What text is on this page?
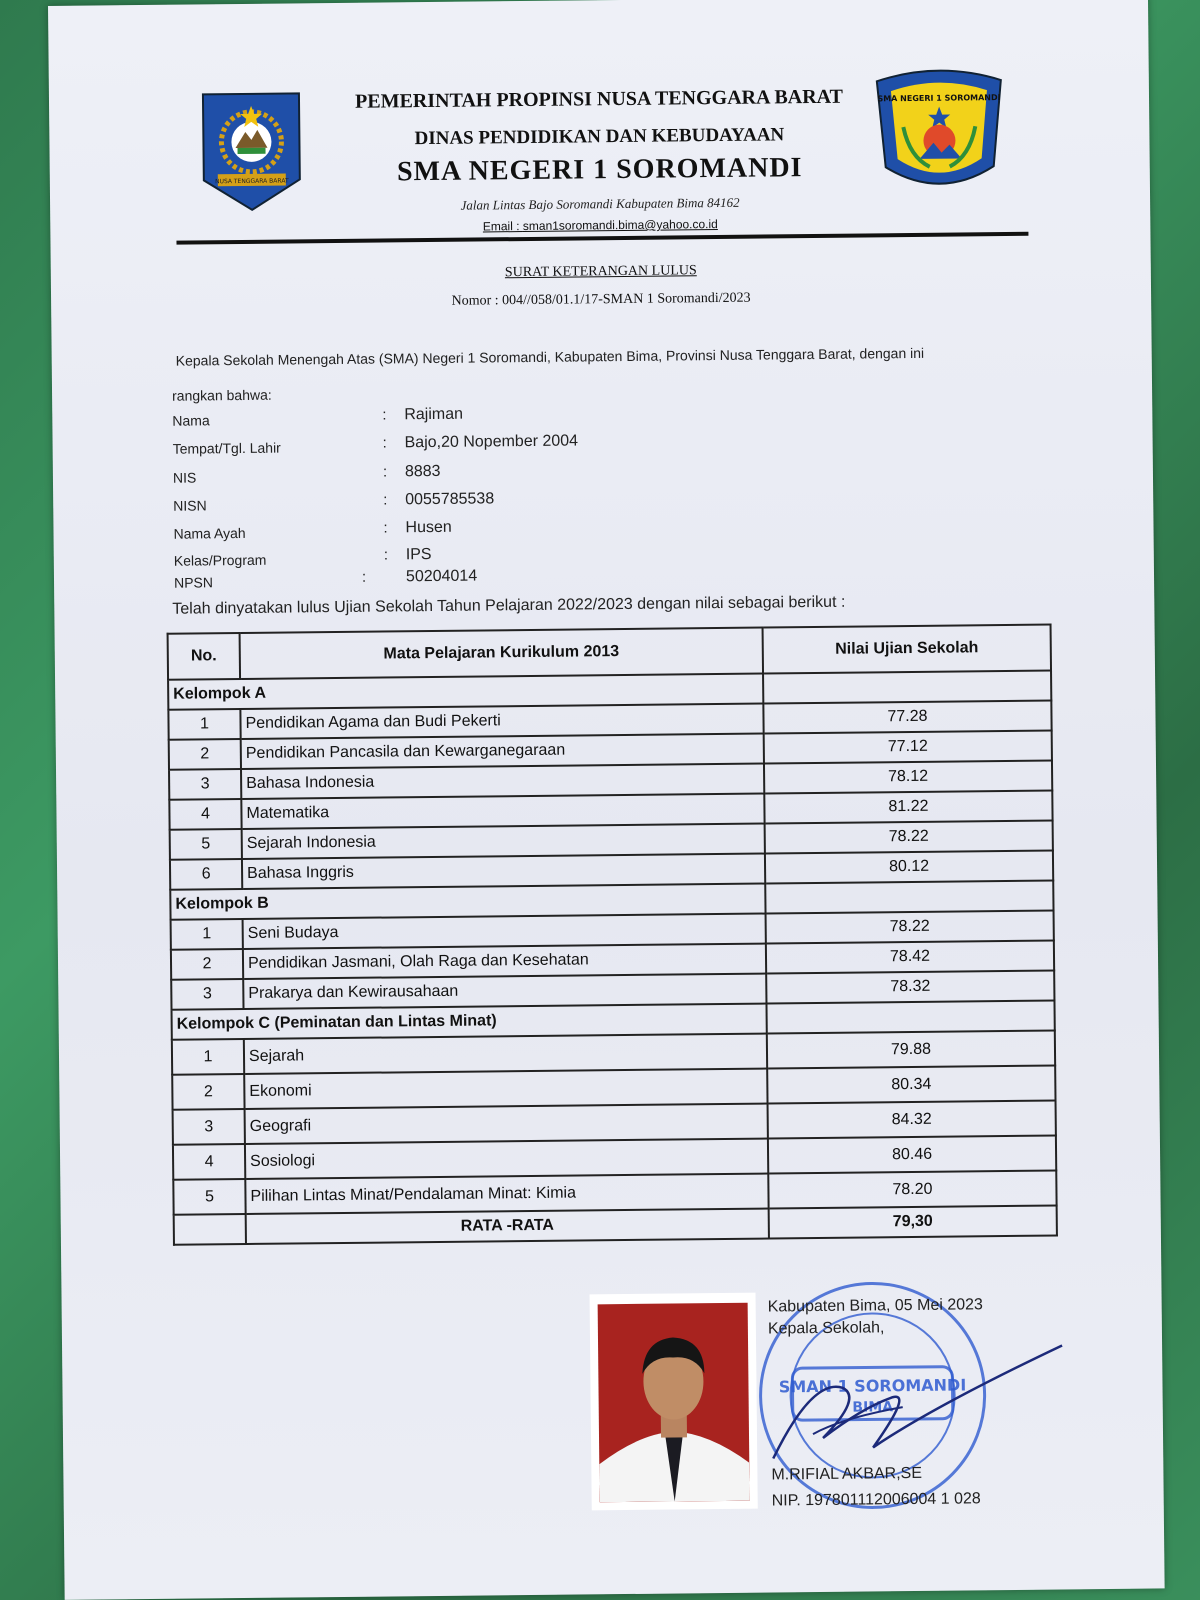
NUSA TENGGARA BARAT
PEMERINTAH PROPINSI NUSA TENGGARA BARAT
DINAS PENDIDIKAN DAN KEBUDAYAAN
SMA NEGERI 1 SOROMANDI
Jalan Lintas Bajo Soromandi Kabupaten Bima 84162
Email : sman1soromandi.bima@yahoo.co.id
SMA NEGERI 1 SOROMANDI
SURAT KETERANGAN LULUS
Nomor : 004//058/01.1/17-SMAN 1 Soromandi/2023
Kepala Sekolah Menengah Atas (SMA) Negeri 1 Soromandi, Kabupaten Bima, Provinsi Nusa Tenggara Barat, dengan ini
rangkan bahwa:
Nama	: Rajiman
Tempat/Tgl. Lahir	: Bajo,20 Nopember 2004
NIS	: 8883
NISN	: 0055785538
Nama Ayah	: Husen
Kelas/Program	: IPS
NPSN	: 50204014
Telah dinyatakan lulus Ujian Sekolah Tahun Pelajaran 2022/2023 dengan nilai sebagai berikut :
No.	Mata Pelajaran Kurikulum 2013	Nilai Ujian Sekolah
Kelompok A		
1	Pendidikan Agama dan Budi Pekerti	77.28
2	Pendidikan Pancasila dan Kewarganegaraan	77.12
3	Bahasa Indonesia	78.12
4	Matematika	81.22
5	Sejarah Indonesia	78.22
6	Bahasa Inggris	80.12
Kelompok B		
1	Seni Budaya	78.22
2	Pendidikan Jasmani, Olah Raga dan Kesehatan	78.42
3	Prakarya dan Kewirausahaan	78.32
Kelompok C (Peminatan dan Lintas Minat)		
1	Sejarah	79.88
2	Ekonomi	80.34
3	Geografi	84.32
4	Sosiologi	80.46
5	Pilihan Lintas Minat/Pendalaman Minat: Kimia	78.20
	RATA -RATA	79,30
SMAN 1 SOROMANDI
BIMA
Kabupaten Bima, 05 Mei 2023
Kepala Sekolah,
M.RIFIAL AKBAR,SE
NIP. 197801112006004 1 028
